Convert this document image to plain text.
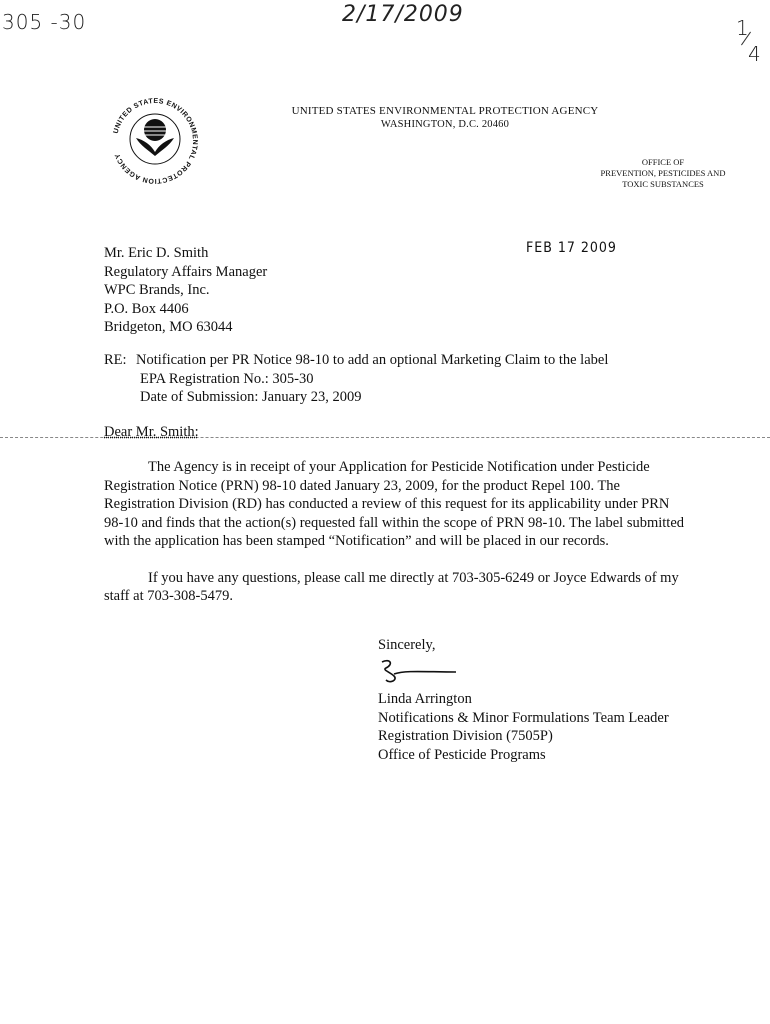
305 -30	2/17/2009
1
4
UNITED STATES ENVIRONMENTAL PROTECTION AGENCY
UNITED STATES ENVIRONMENTAL PROTECTION AGENCY
WASHINGTON, D.C. 20460
OFFICE OF
PREVENTION, PESTICIDES AND
TOXIC SUBSTANCES
FEB 17 2009
Mr. Eric D. Smith
Regulatory Affairs Manager
WPC Brands, Inc.
P.O. Box 4406
Bridgeton, MO 63044
RE: Notification per PR Notice 98-10 to add an optional Marketing Claim to the label
EPA Registration No.: 305-30
Date of Submission: January 23, 2009
Dear Mr. Smith:

The Agency is in receipt of your Application for Pesticide Notification under Pesticide Registration Notice (PRN) 98-10 dated January 23, 2009, for the product Repel 100. The Registration Division (RD) has conducted a review of this request for its applicability under PRN 98-10 and finds that the action(s) requested fall within the scope of PRN 98-10. The label submitted with the application has been stamped “Notification” and will be placed in our records.

If you have any questions, please call me directly at 703-305-6249 or Joyce Edwards of my staff at 703-308-5479.

Sincerely,
Linda Arrington
Notifications & Minor Formulations Team Leader
Registration Division (7505P)
Office of Pesticide Programs
